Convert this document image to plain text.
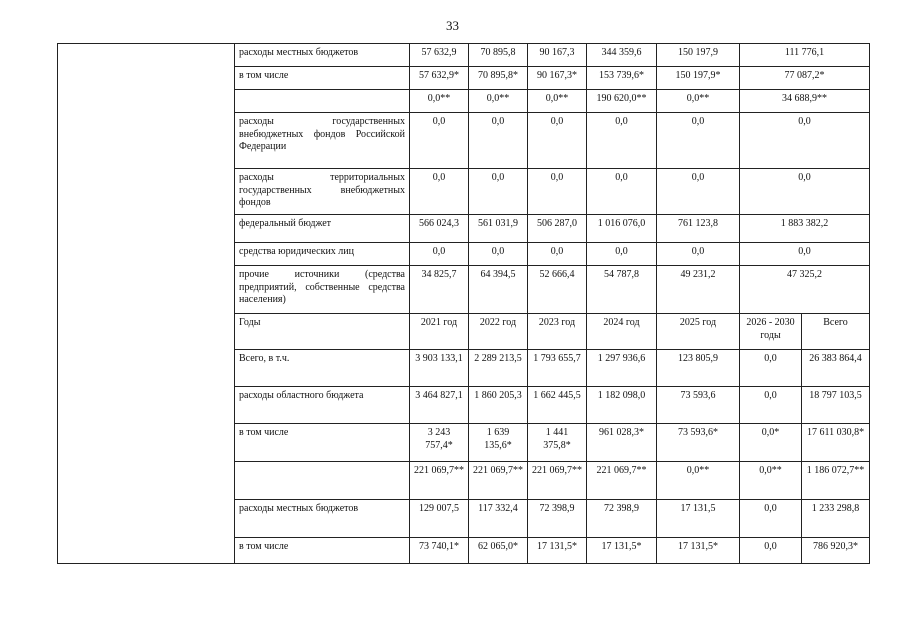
33
	расходы местных бюджетов	57 632,9	70 895,8	90 167,3	344 359,6	150 197,9	111 776,1	
	в том числе	57 632,9*	70 895,8*	90 167,3*	153 739,6*	150 197,9*	77 087,2*	
		0,0**	0,0**	0,0**	190 620,0**	0,0**	34 688,9**	
	расходы государственных внебюджетных фондов Российской Федерации	0,0	0,0	0,0	0,0	0,0	0,0	
	расходы территориальных государственных внебюджетных фондов	0,0	0,0	0,0	0,0	0,0	0,0	
	федеральный бюджет	566 024,3	561 031,9	506 287,0	1 016 076,0	761 123,8	1 883 382,2	
	средства юридических лиц	0,0	0,0	0,0	0,0	0,0	0,0	
	прочие источники (средства предприятий, собственные средства населения)	34 825,7	64 394,5	52 666,4	54 787,8	49 231,2	47 325,2	
	Годы	2021 год	2022 год	2023 год	2024 год	2025 год	2026 - 2030 годы	Всего
	Всего, в т.ч.	3 903 133,1	2 289 213,5	1 793 655,7	1 297 936,6	123 805,9	0,0	26 383 864,4
	расходы областного бюджета	3 464 827,1	1 860 205,3	1 662 445,5	1 182 098,0	73 593,6	0,0	18 797 103,5
	в том числе	3 243 757,4*	1 639 135,6*	1 441 375,8*	961 028,3*	73 593,6*	0,0*	17 611 030,8*
		221 069,7**	221 069,7**	221 069,7**	221 069,7**	0,0**	0,0**	1 186 072,7**
	расходы местных бюджетов	129 007,5	117 332,4	72 398,9	72 398,9	17 131,5	0,0	1 233 298,8
	в том числе	73 740,1*	62 065,0*	17 131,5*	17 131,5*	17 131,5*	0,0	786 920,3*
